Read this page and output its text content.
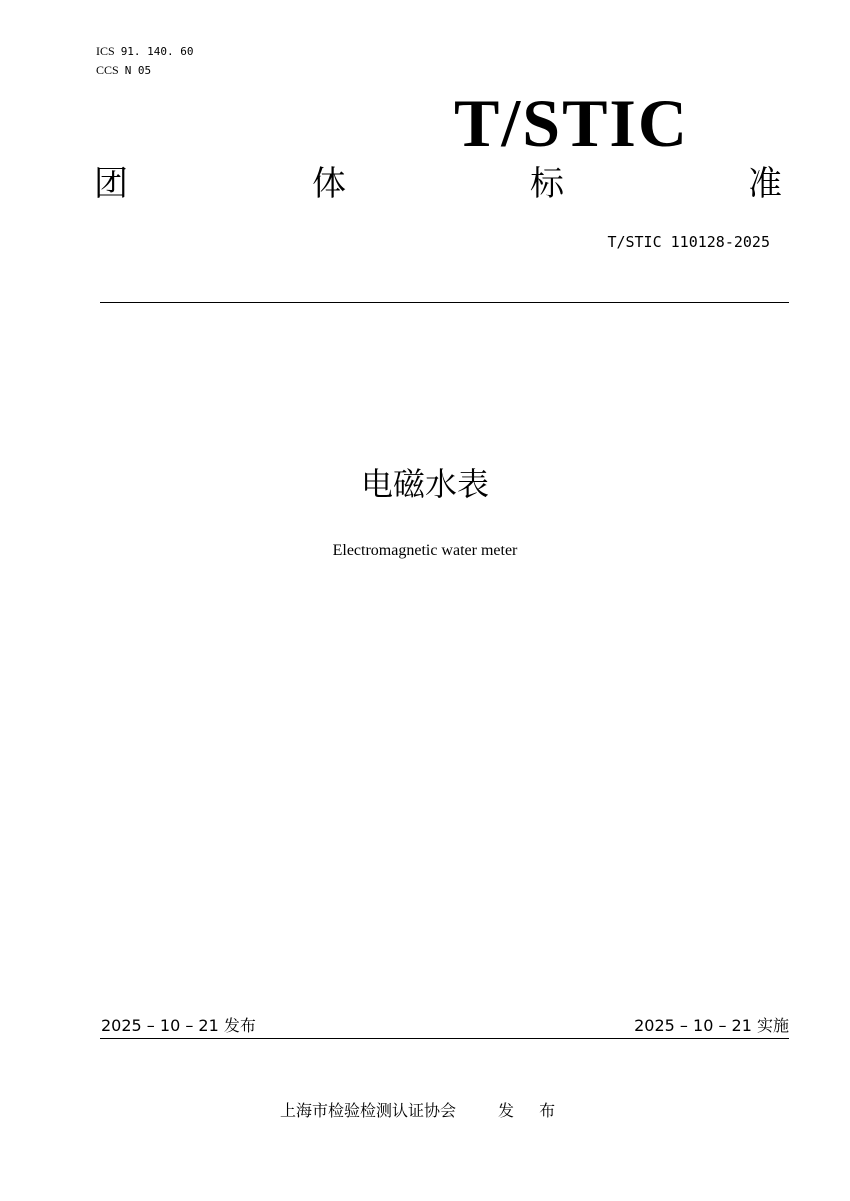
ICS 91. 140. 60
CCS N 05
T/STIC
团	体	标	准
T/STIC 110128-2025
电磁水表
Electromagnetic water meter
2025 – 10 – 21 发布	2025 – 10 – 21 实施
上海市检验检测认证协会	发 布
